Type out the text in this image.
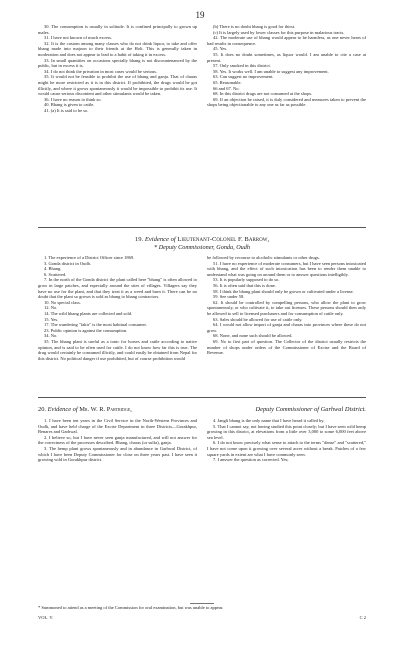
19

30. The consumption is usually in solitude. It is confined principally to grown up males.

31. I have not known of much excess.

32. It is the custom among many classes who do not drink liquor, to take and offer bhang made into majoon to their friends at the Holi. This is generally taken in moderation and does not appear to lead to a habit of taking it in excess.

33. In small quantities on occasions specially bhang is not discountenanced by the public, but in excess it is.

34. I do not think the privation in most cases would be serious.

35. It would not be feasible to prohibit the use of bhang and ganja. That of charas might be more restricted as it is in this district. If prohibited, the drugs would be got illicitly, and where it grows spontaneously it would be impossible to prohibit its use. It would cause serious discontent and other stimulants would be taken.

36. I have no reason to think so.

40. Bhang is given to cattle.

41. (a) It is said to be so.

(b) There is no doubt bhang is good for thirst.

(c) It is largely used by lower classes for this purpose in malarious tracts.

42. The moderate use of bhang would appear to be harmless, as one never hears of bad results in consequence.

45. Yes.

55. It does no doubt sometimes, as liquor would. I am unable to cite a case at present.

57. Only smoked in this district.

58. Yes. It works well. I am unable to suggest any improvement.

63. Can suggest no improvement.

65. Reasonable.

66 and 67. No.

68. In this district drugs are not consumed at the shops.

69. If an objection be raised, it is duly considered and measures taken to prevent the shops being objectionable to any one as far as possible.

19. Evidence of Lieutenant-Colonel F. Barrow,
* Deputy Commissioner, Gonda, Oudh

1. The experience of a District Officer since 1869.

3. Gonda district in Oudh.

4. Bhang.

6. Scattered.

7. In the north of the Gonda district the plant called here "bhang" is often allowed to grow in large patches, and especially around the sites of villages. Villagers say they have no use for the plant, and that they treat it as a weed and burn it. There can be no doubt that the plant so grown is sold as bhang to bhang contractors.

10. No special class.

12. No.

14. The wild bhang plants are collected and sold.

15. Yes.

17. The wandering "fakir" is the most habitual consumer.

23. Public opinion is against the consumption.

34. No.

35. The bhang plant is useful as a tonic for horses and cattle according to native opinion, and is said to be often used for cattle. I do not know how far this is true. The drug would certainly be consumed illicitly, and could easily be obtained from Nepal for this district. No political danger if use prohibited, but of course prohibition would

be followed by recourse to alcoholic stimulants or other drugs.

51. I have no experience of moderate consumers, but I have seen persons intoxicated with bhang, and the effect of such intoxication has been to render them unable to understand what was going on around them or to answer questions intelligibly.

53. It is popularly supposed to do so.

56. It is often said that this is done.

58. I think the bhang plant should only be grown or cultivated under a license.

59. See under 58.

62. It should be controlled by compelling persons, who allow the plant to grow spontaneously, or who cultivate it, to take out licenses. These persons should then only be allowed to sell to licensed purchasers and for consumption of cattle only.

63. Sales should be allowed for use of cattle only.

64. I would not allow import of ganja and charas into provinces where these do not grow.

68. None, and none such should be allowed.

69. No to first part of question. The Collector of the district usually restricts the number of shops under orders of the Commissioner of Excise and the Board of Revenue.

20. Evidence of Mr. W. R. Partridge,	Deputy Commissioner of Garhwal District.

1. I have been ten years in the Civil Service in the North-Western Provinces and Oudh, and have held charge of the Excise Department in three Districts—Gorakhpur, Benares and Garhwal.

2. I believe so, but I have never seen ganja manufactured, and will not answer for the correctness of the processes described. Bhang, charas (or sulfa), ganja.

3. The hemp plant grows spontaneously and in abundance in Garhwal District, of which I have been Deputy Commissioner for close on three years past. I have seen it growing wild in Gorakhpur district.

4. Jangli bhang is the only name that I have heard it called by.

5. That I cannot say, not having studied this point closely; but I have seen wild hemp growing in this district, at elevations from a little over 3,000 to some 6,000 feet above sea level.

6. I do not know precisely what sense to attach to the terms "dense" and "scattered," I have not come upon it growing over several acres without a break. Patches of a few square yards in extent are what I have commonly seen.

7. I answer the question as corrected. Yes;

* Summoned to attend as a meeting of the Commission for oral examination, but was unable to appear.
VOL. V.	C 2
